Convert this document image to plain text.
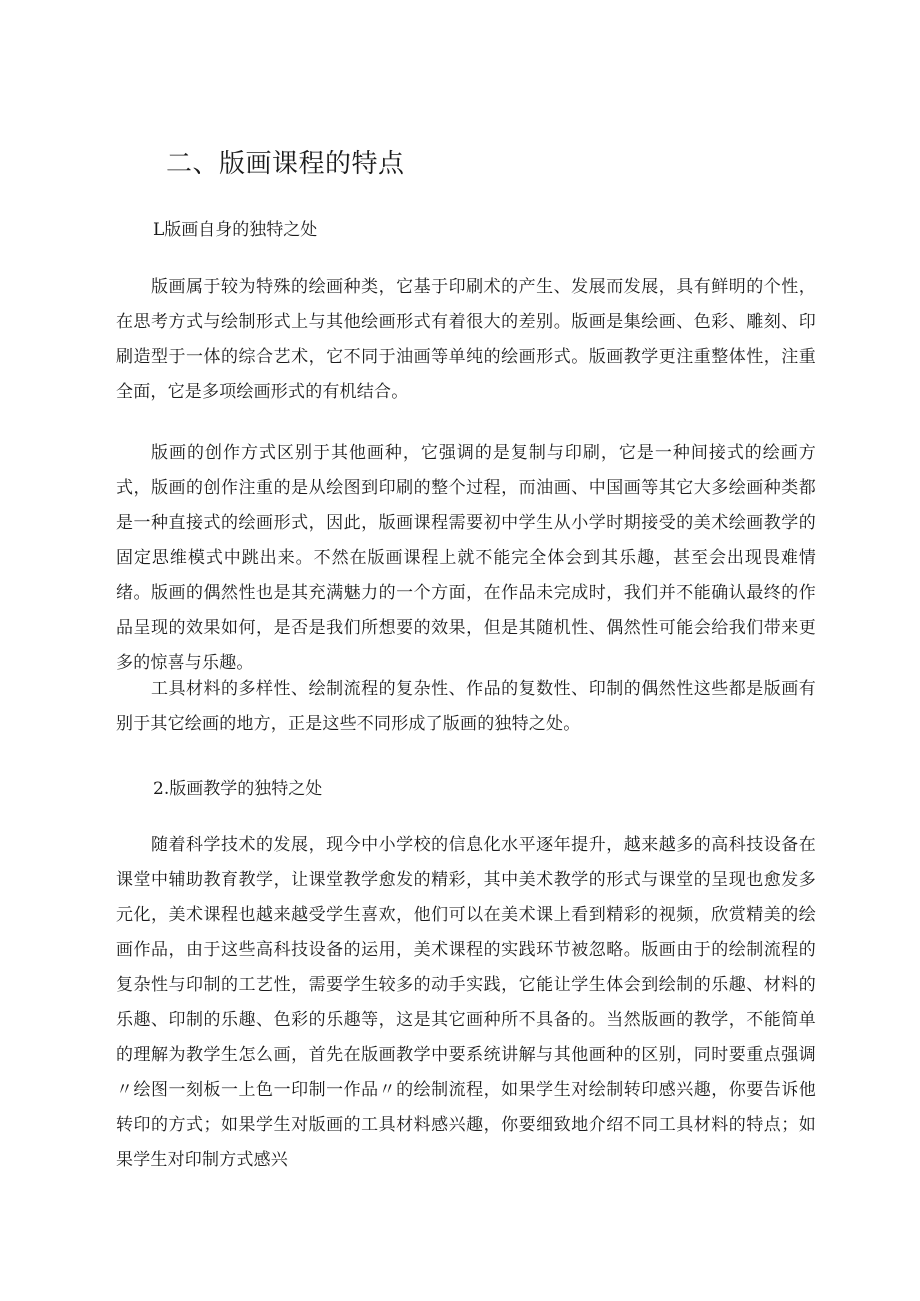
二、版画课程的特点
L版画自身的独特之处

版画属于较为特殊的绘画种类，它基于印刷术的产生、发展而发展，具有鲜明的个性，在思考方式与绘制形式上与其他绘画形式有着很大的差别。版画是集绘画、色彩、雕刻、印刷造型于一体的综合艺术，它不同于油画等单纯的绘画形式。版画教学更注重整体性，注重全面，它是多项绘画形式的有机结合。

版画的创作方式区别于其他画种，它强调的是复制与印刷，它是一种间接式的绘画方式，版画的创作注重的是从绘图到印刷的整个过程，而油画、中国画等其它大多绘画种类都是一种直接式的绘画形式，因此，版画课程需要初中学生从小学时期接受的美术绘画教学的固定思维模式中跳出来。不然在版画课程上就不能完全体会到其乐趣，甚至会出现畏难情绪。版画的偶然性也是其充满魅力的一个方面，在作品未完成时，我们并不能确认最终的作品呈现的效果如何，是否是我们所想要的效果，但是其随机性、偶然性可能会给我们带来更多的惊喜与乐趣。

工具材料的多样性、绘制流程的复杂性、作品的复数性、印制的偶然性这些都是版画有别于其它绘画的地方，正是这些不同形成了版画的独特之处。

2.版画教学的独特之处

随着科学技术的发展，现今中小学校的信息化水平逐年提升，越来越多的高科技设备在课堂中辅助教育教学，让课堂教学愈发的精彩，其中美术教学的形式与课堂的呈现也愈发多元化，美术课程也越来越受学生喜欢，他们可以在美术课上看到精彩的视频，欣赏精美的绘画作品，由于这些高科技设备的运用，美术课程的实践环节被忽略。版画由于的绘制流程的复杂性与印制的工艺性，需要学生较多的动手实践，它能让学生体会到绘制的乐趣、材料的乐趣、印制的乐趣、色彩的乐趣等，这是其它画种所不具备的。当然版画的教学，不能简单的理解为教学生怎么画，首先在版画教学中要系统讲解与其他画种的区别，同时要重点强调〃绘图一刻板一上色一印制一作品〃的绘制流程，如果学生对绘制转印感兴趣，你要告诉他转印的方式；如果学生对版画的工具材料感兴趣，你要细致地介绍不同工具材料的特点；如果学生对印制方式感兴
